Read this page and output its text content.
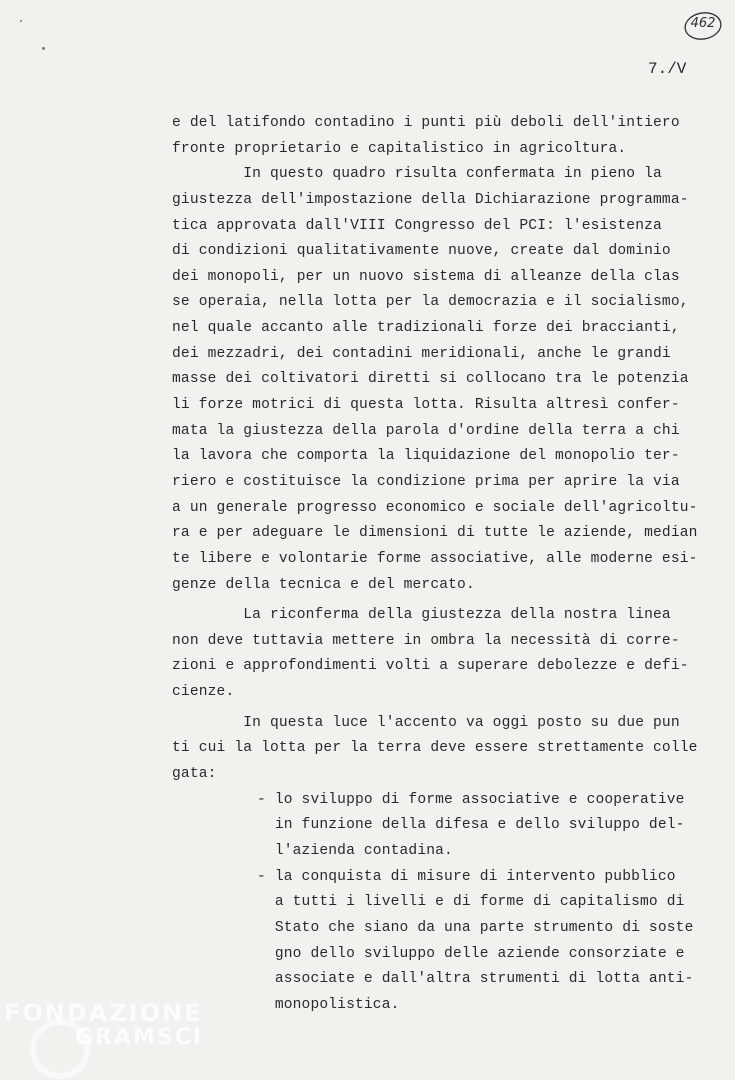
462
7./V
e del latifondo contadino i punti più deboli dell'intiero
fronte proprietario e capitalistico in agricoltura.
In questo quadro risulta confermata in pieno la
giustezza dell'impostazione della Dichiarazione programma-
tica approvata dall'VIII Congresso del PCI: l'esistenza
di condizioni qualitativamente nuove, create dal dominio
dei monopoli, per un nuovo sistema di alleanze della clas
se operaia, nella lotta per la democrazia e il socialismo,
nel quale accanto alle tradizionali forze dei braccianti,
dei mezzadri, dei contadini meridionali, anche le grandi
masse dei coltivatori diretti si collocano tra le potenzia
li forze motrici di questa lotta. Risulta altresì confer-
mata la giustezza della parola d'ordine della terra a chi
la lavora che comporta la liquidazione del monopolio ter-
riero e costituisce la condizione prima per aprire la via
a un generale progresso economico e sociale dell'agricoltu-
ra e per adeguare le dimensioni di tutte le aziende, median
te libere e volontarie forme associative, alle moderne esi-
genze della tecnica e del mercato.
La riconferma della giustezza della nostra linea
non deve tuttavia mettere in ombra la necessità di corre-
zioni e approfondimenti volti a superare debolezze e defi-
cienze.
In questa luce l'accento va oggi posto su due pun
ti cui la lotta per la terra deve essere strettamente colle
gata:
- lo sviluppo di forme associative e cooperative
in funzione della difesa e dello sviluppo del-
l'azienda contadina.
- la conquista di misure di intervento pubblico
a tutti i livelli e di forme di capitalismo di
Stato che siano da una parte strumento di soste
gno dello sviluppo delle aziende consorziate e
associate e dall'altra strumenti di lotta anti-
monopolistica.
FONDAZIONE
GRAMSCI
